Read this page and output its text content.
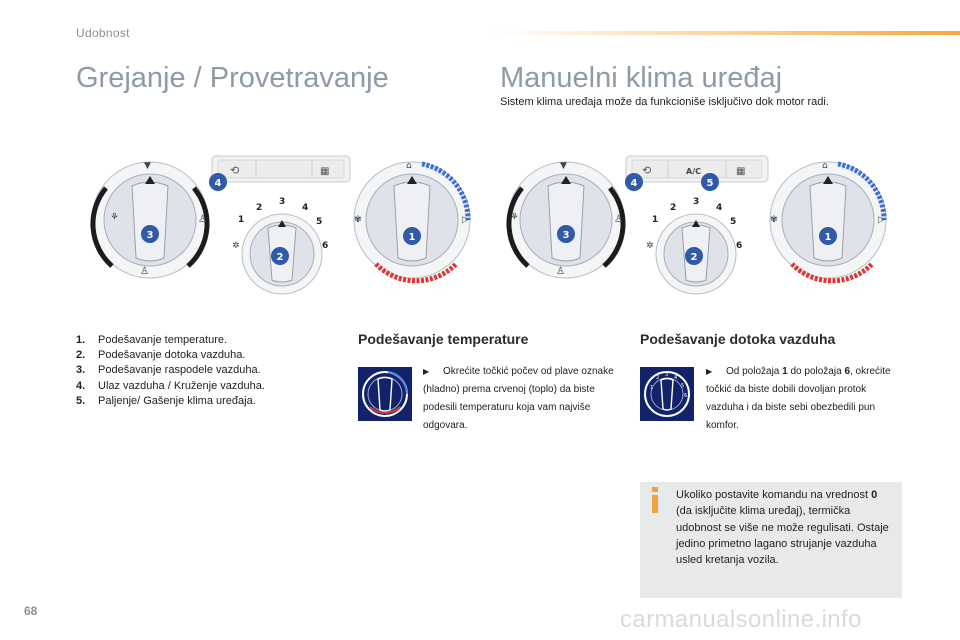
Udobnost
Grejanje / Provetravanje	Manuelni klima uređaj
Sistem klima uređaja može da funkcioniše isključivo dok motor radi.
⟲	▦
⚘
▼
♙
♙
1
2
3
4
5
6
✲
⌂
▷
✾
3
2
1
4
⟲	A/C	▦
⚘
▼
♙
♙
1
2
3
4
5
6
✲
⌂
▷
✾
3
2
1
4	5
1. Podešavanje temperature.
2. Podešavanje dotoka vazduha.
3. Podešavanje raspodele vazduha.
4. Ulaz vazduha / Kruženje vazduha.
5. Paljenje/ Gašenje klima uređaja.
Podešavanje temperature	Podešavanje dotoka vazduha
1
2 3 4
5
6
▶ Okrećite točkić počev od plave oznake (hladno) prema crvenoj (toplo) da biste podesili temperaturu koja vam najviše odgovara.
▶ Od položaja 1 do položaja 6, okrećite točkić da biste dobili dovoljan protok vazduha i da biste sebi obezbedili pun komfor.
Ukoliko postavite komandu na vrednost 0 (da isključite klima uređaj), termička udobnost se više ne može regulisati. Ostaje jedino primetno lagano strujanje vazduha usled kretanja vozila.
68	carmanualsonline.info
